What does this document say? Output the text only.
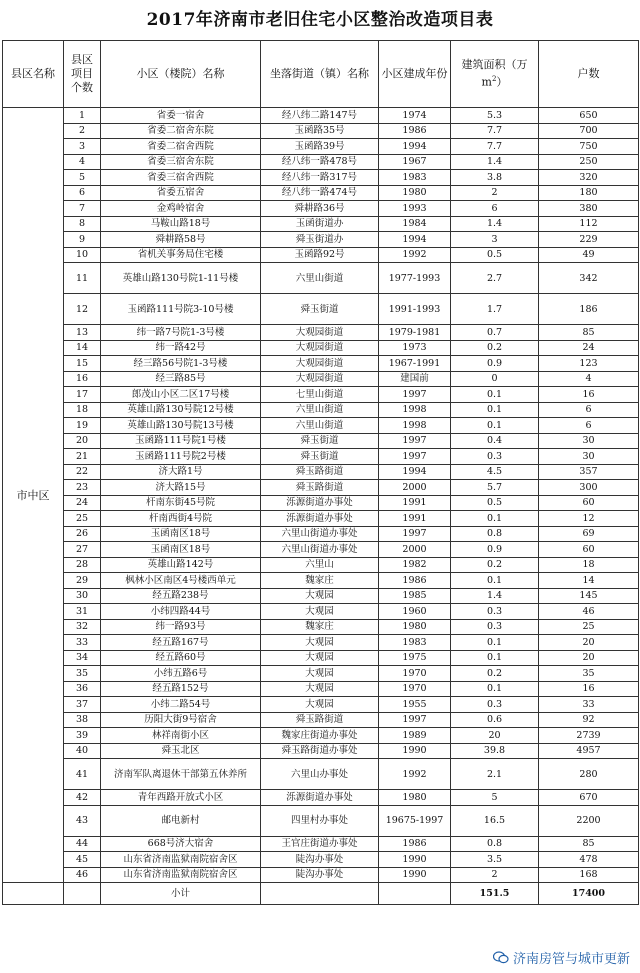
2017年济南市老旧住宅小区整治改造项目表
县区名称	县区项目个数	小区（楼院）名称	坐落街道（镇）名称	小区建成年份	建筑面积（万$m^2$）	户数
市中区	1	省委一宿舍	经八纬二路147号	1974	5.3	650
	2	省委二宿舍东院	玉函路35号	1986	7.7	700
	3	省委二宿舍西院	玉函路39号	1994	7.7	750
	4	省委三宿舍东院	经八纬一路478号	1967	1.4	250
	5	省委三宿舍西院	经八纬一路317号	1983	3.8	320
	6	省委五宿舍	经八纬一路474号	1980	2	180
	7	金鸡岭宿舍	舜耕路36号	1993	6	380
	8	马鞍山路18号	玉函街道办	1984	1.4	112
	9	舜耕路58号	舜玉街道办	1994	3	229
	10	省机关事务局住宅楼	玉函路92号	1992	0.5	49
	11	英雄山路130号院1-11号楼	六里山街道	1977-1993	2.7	342
	12	玉函路111号院3-10号楼	舜玉街道	1991-1993	1.7	186
	13	纬一路7号院1-3号楼	大观园街道	1979-1981	0.7	85
	14	纬一路42号	大观园街道	1973	0.2	24
	15	经三路56号院1-3号楼	大观园街道	1967-1991	0.9	123
	16	经三路85号	大观园街道	建国前	0	4
	17	郎茂山小区二区17号楼	七里山街道	1997	0.1	16
	18	英雄山路130号院12号楼	六里山街道	1998	0.1	6
	19	英雄山路130号院13号楼	六里山街道	1998	0.1	6
	20	玉函路111号院1号楼	舜玉街道	1997	0.4	30
	21	玉函路111号院2号楼	舜玉街道	1997	0.3	30
	22	济大路1号	舜玉路街道	1994	4.5	357
	23	济大路15号	舜玉路街道	2000	5.7	300
	24	杆南东街45号院	泺源街道办事处	1991	0.5	60
	25	杆南西街4号院	泺源街道办事处	1991	0.1	12
	26	玉函南区18号	六里山街道办事处	1997	0.8	69
	27	玉函南区18号	六里山街道办事处	2000	0.9	60
	28	英雄山路142号	六里山	1982	0.2	18
	29	枫林小区南区4号楼西单元	魏家庄	1986	0.1	14
	30	经五路238号	大观园	1985	1.4	145
	31	小纬四路44号	大观园	1960	0.3	46
	32	纬一路93号	魏家庄	1980	0.3	25
	33	经五路167号	大观园	1983	0.1	20
	34	经五路60号	大观园	1975	0.1	20
	35	小纬五路6号	大观园	1970	0.2	35
	36	经五路152号	大观园	1970	0.1	16
	37	小纬二路54号	大观园	1955	0.3	33
	38	历阳大街9号宿舍	舜玉路街道	1997	0.6	92
	39	林祥南街小区	魏家庄街道办事处	1989	20	2739
	40	舜玉北区	舜玉路街道办事处	1990	39.8	4957
	41	济南军队离退休干部第五休养所	六里山办事处	1992	2.1	280
	42	青年西路开放式小区	泺源街道办事处	1980	5	670
	43	邮电新村	四里村办事处	19675-1997	16.5	2200
	44	668号济大宿舍	王官庄街道办事处	1986	0.8	85
	45	山东省济南监狱南院宿舍区	陡沟办事处	1990	3.5	478
	46	山东省济南监狱南院宿舍区	陡沟办事处	1990	2	168
		小计			151.5	17400
济南房管与城市更新
